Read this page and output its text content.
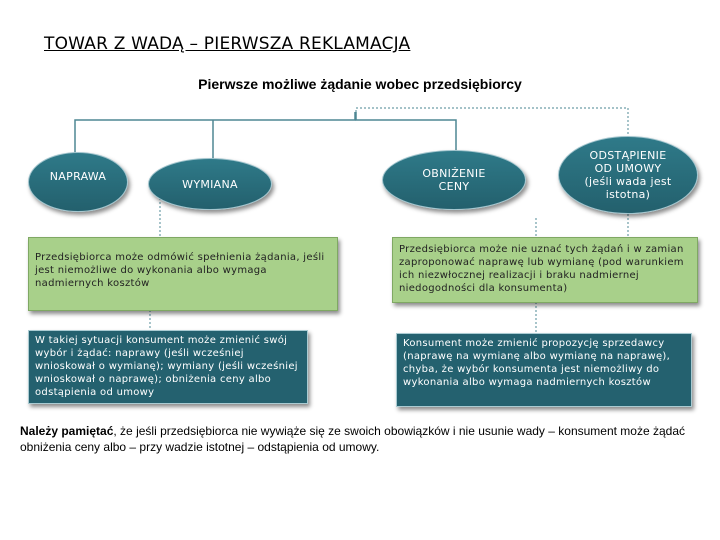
TOWAR Z WADĄ – PIERWSZA REKLAMACJA
Pierwsze możliwe żądanie wobec przedsiębiorcy
NAPRAWA
WYMIANA
OBNIŻENIE
CENY
ODSTĄPIENIE
OD UMOWY
(jeśli wada jest
istotna)
Przedsiębiorca może odmówić spełnienia żądania, jeśli jest niemożliwe do wykonania albo wymaga nadmiernych kosztów
Przedsiębiorca może nie uznać tych żądań i w zamian zaproponować naprawę lub wymianę (pod warunkiem ich niezwłocznej realizacji i braku nadmiernej niedogodności dla konsumenta)
W takiej sytuacji konsument może zmienić swój wybór i żądać: naprawy (jeśli wcześniej wnioskował o wymianę); wymiany (jeśli wcześniej wnioskował o naprawę); obniżenia ceny albo odstąpienia od umowy
Konsument może zmienić propozycję sprzedawcy (naprawę na wymianę albo wymianę na naprawę), chyba, że wybór konsumenta jest niemożliwy do wykonania albo wymaga nadmiernych kosztów
Należy pamiętać, że jeśli przedsiębiorca nie wywiąże się ze swoich obowiązków i nie usunie wady – konsument może żądać obniżenia ceny albo – przy wadzie istotnej – odstąpienia od umowy.
